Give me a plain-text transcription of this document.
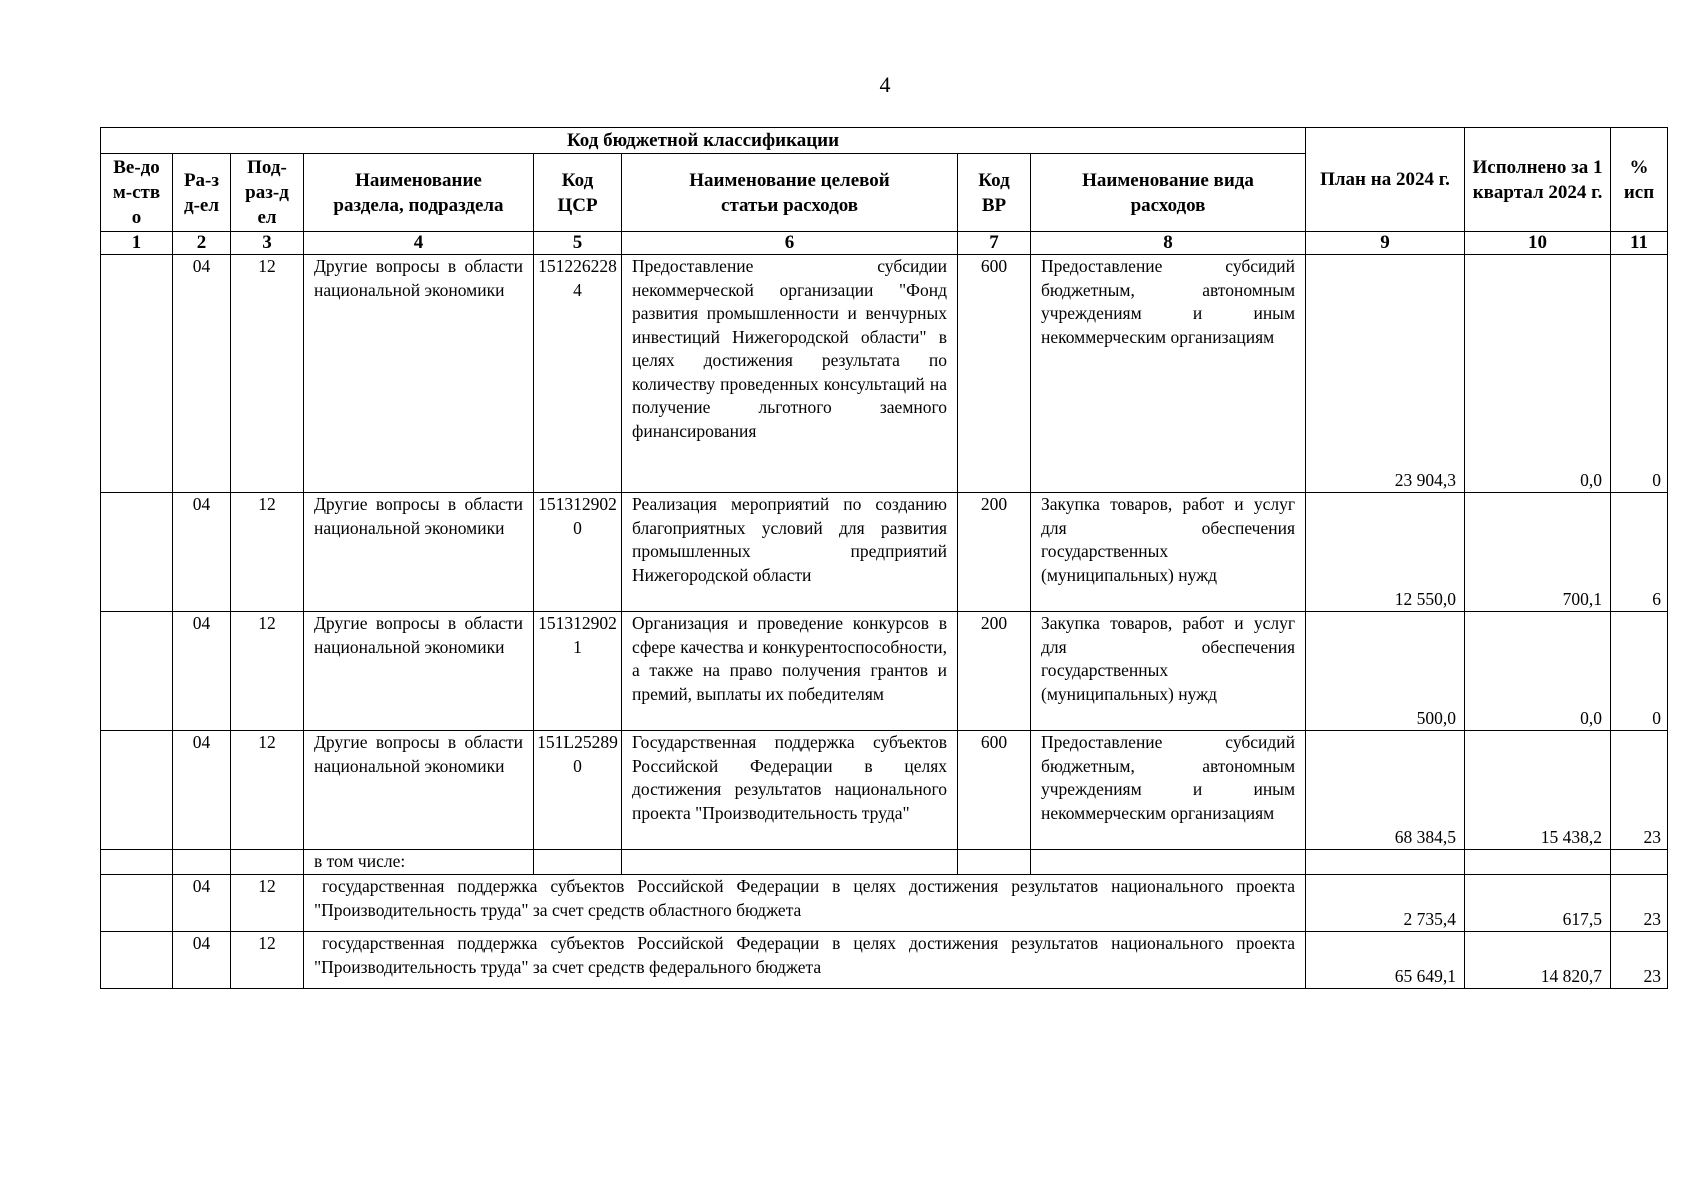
4
Код бюджетной классификации								План на 2024 г.	Исполнено за 1 квартал 2024 г.	% исп
Ве-дом-ство	Ра-зд-ел	Под-раз-дел	Наименование раздела, подраздела	Код ЦСР	Наименование целевой статьи расходов	Код ВР	Наименование вида расходов			
1	2	3	4	5	6	7	8	9	10	11
	04	12	Другие вопросы в области национальной экономики	1512262284	Предоставление субсидии некоммерческой организации "Фонд развития промышленности и венчурных инвестиций Нижегородской области" в целях достижения результата по количеству проведенных консультаций на получение льготного заемного финансирования	600	Предоставление субсидий бюджетным, автономным учреждениям и иным некоммерческим организациям	23 904,3	0,0	0
	04	12	Другие вопросы в области национальной экономики	1513129020	Реализация мероприятий по созданию благоприятных условий для развития промышленных предприятий Нижегородской области	200	Закупка товаров, работ и услуг для обеспечения государственных (муниципальных) нужд	12 550,0	700,1	6
	04	12	Другие вопросы в области национальной экономики	1513129021	Организация и проведение конкурсов в сфере качества и конкурентоспособности, а также на право получения грантов и премий, выплаты их победителям	200	Закупка товаров, работ и услуг для обеспечения государственных (муниципальных) нужд	500,0	0,0	0
	04	12	Другие вопросы в области национальной экономики	151L252890	Государственная поддержка субъектов Российской Федерации в целях достижения результатов национального проекта "Производительность труда"	600	Предоставление субсидий бюджетным, автономным учреждениям и иным некоммерческим организациям	68 384,5	15 438,2	23
			в том числе:							
	04	12	государственная поддержка субъектов Российской Федерации в целях достижения результатов национального проекта "Производительность труда" за счет средств областного бюджета					2 735,4	617,5	23
	04	12	государственная поддержка субъектов Российской Федерации в целях достижения результатов национального проекта "Производительность труда" за счет средств федерального бюджета					65 649,1	14 820,7	23
